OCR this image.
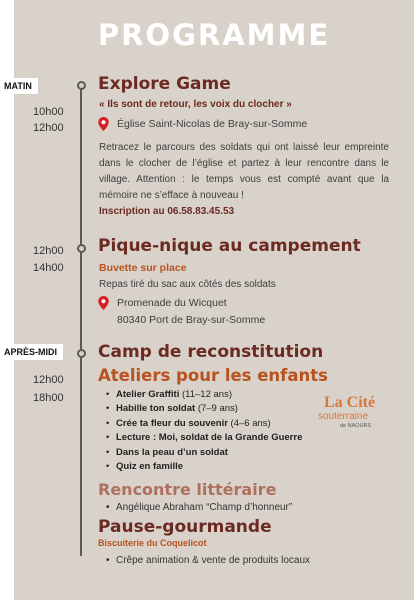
PROGRAMME
MATIN
APRÈS-MIDI
10h00
12h00
Explore Game
« Ils sont de retour, les voix du clocher »
Église Saint-Nicolas de Bray-sur-Somme
Retracez le parcours des soldats qui ont laissé leur empreinte dans le clocher de l’église et partez à leur rencontre dans le village. Attention : le temps vous est compté avant que la mémoire ne s’efface à nouveau !
Inscription au 06.58.83.45.53
12h00
14h00
Pique-nique au campement
Buvette sur place
Repas tiré du sac aux côtés des soldats
Promenade du Wicquet
80340 Port de Bray-sur-Somme
12h00
18h00
Camp de reconstitution
Ateliers pour les enfants
• Atelier Graffiti (11–12 ans)
• Habille ton soldat (7–9 ans)
• Crée ta fleur du souvenir (4–6 ans)
• Lecture : Moi, soldat de la Grande Guerre
• Dans la peau d’un soldat
• Quiz en famille
La Cité
souterraine
de NAOURS
Rencontre littéraire
• Angélique Abraham “Champ d’honneur”
Pause-gourmande
Biscuiterie du Coquelicot
• Crêpe animation & vente de produits locaux
